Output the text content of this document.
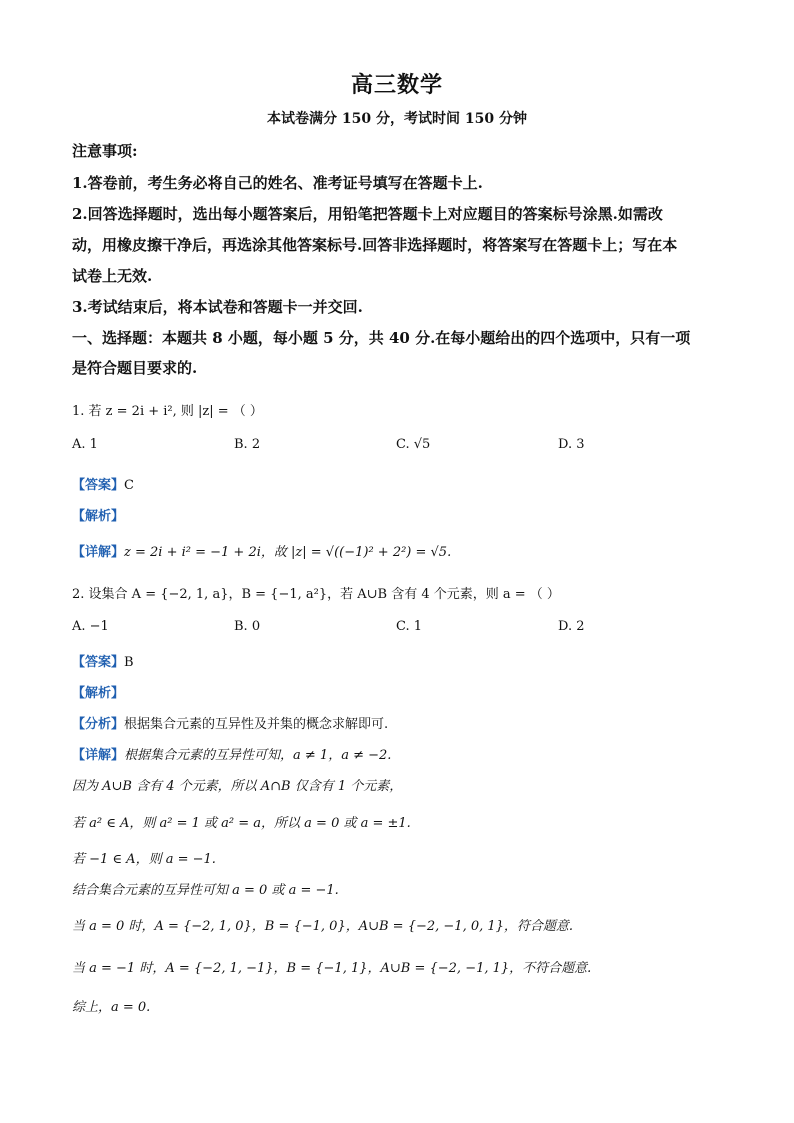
高三数学
本试卷满分 150 分，考试时间 150 分钟
注意事项:
1.答卷前，考生务必将自己的姓名、准考证号填写在答题卡上.
2.回答选择题时，选出每小题答案后，用铅笔把答题卡上对应题目的答案标号涂黑.如需改
动，用橡皮擦干净后，再选涂其他答案标号.回答非选择题时，将答案写在答题卡上；写在本
试卷上无效.
3.考试结束后，将本试卷和答题卡一并交回.
一、选择题：本题共 8 小题，每小题 5 分，共 40 分.在每小题给出的四个选项中，只有一项
是符合题目要求的.
1. 若 z = 2i + i², 则 |z| = （ ）
A. 1	B. 2	C. √5	D. 3
【答案】C
【解析】
【详解】z = 2i + i² = −1 + 2i，故 |z| = √((−1)² + 2²) = √5.
2. 设集合 A = {−2, 1, a}，B = {−1, a²}，若 A∪B 含有 4 个元素，则 a = （ ）
A. −1	B. 0	C. 1	D. 2
【答案】B
【解析】
【分析】根据集合元素的互异性及并集的概念求解即可.
【详解】根据集合元素的互异性可知，a ≠ 1，a ≠ −2.
因为 A∪B 含有 4 个元素，所以 A∩B 仅含有 1 个元素，
若 a² ∈ A，则 a² = 1 或 a² = a，所以 a = 0 或 a = ±1.
若 −1 ∈ A，则 a = −1.
结合集合元素的互异性可知 a = 0 或 a = −1.
当 a = 0 时，A = {−2, 1, 0}，B = {−1, 0}，A∪B = {−2, −1, 0, 1}，符合题意.
当 a = −1 时，A = {−2, 1, −1}，B = {−1, 1}，A∪B = {−2, −1, 1}，不符合题意.
综上，a = 0.
